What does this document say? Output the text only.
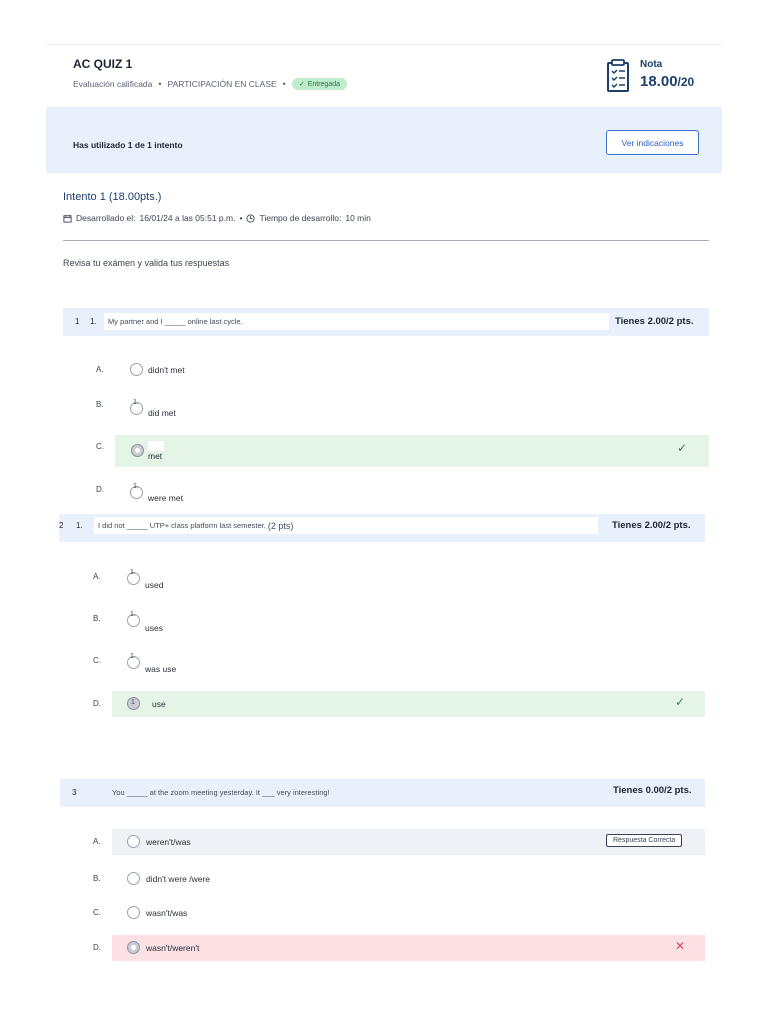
AC QUIZ 1
Evaluación calificada • PARTICIPACIÓN EN CLASE • ✓ Entregada
Nota
18.00/20
Has utilizado 1 de 1 intento	Ver indicaciones
Intento 1 (18.00pts.)
Desarrollado el: 16/01/24 a las 05:51 p.m. • Tiempo de desarrollo: 10 min
Revisa tu exámen y valida tus respuestas
1 1.	My partner and I _____ online last cycle.	Tienes 2.00/2 pts.
A.	didn't met
B.	1.
did met
met
✓
C.
D.	1.
were met
2 1. I did not _____ UTP+ class platform last semester.
(2 pts)	Tienes 2.00/2 pts.
A.	1.
used
B.	1.
uses
C.	1.
was use
1 use	✓
D.
3	You _____ at the zoom meeting yesterday. It ___ very interesting!	Tienes 0.00/2 pts.
weren't/was	Respuesta Correcta
A.
B.	didn't were /were
C.	wasn't/was
wasn't/weren't	✕
D.
